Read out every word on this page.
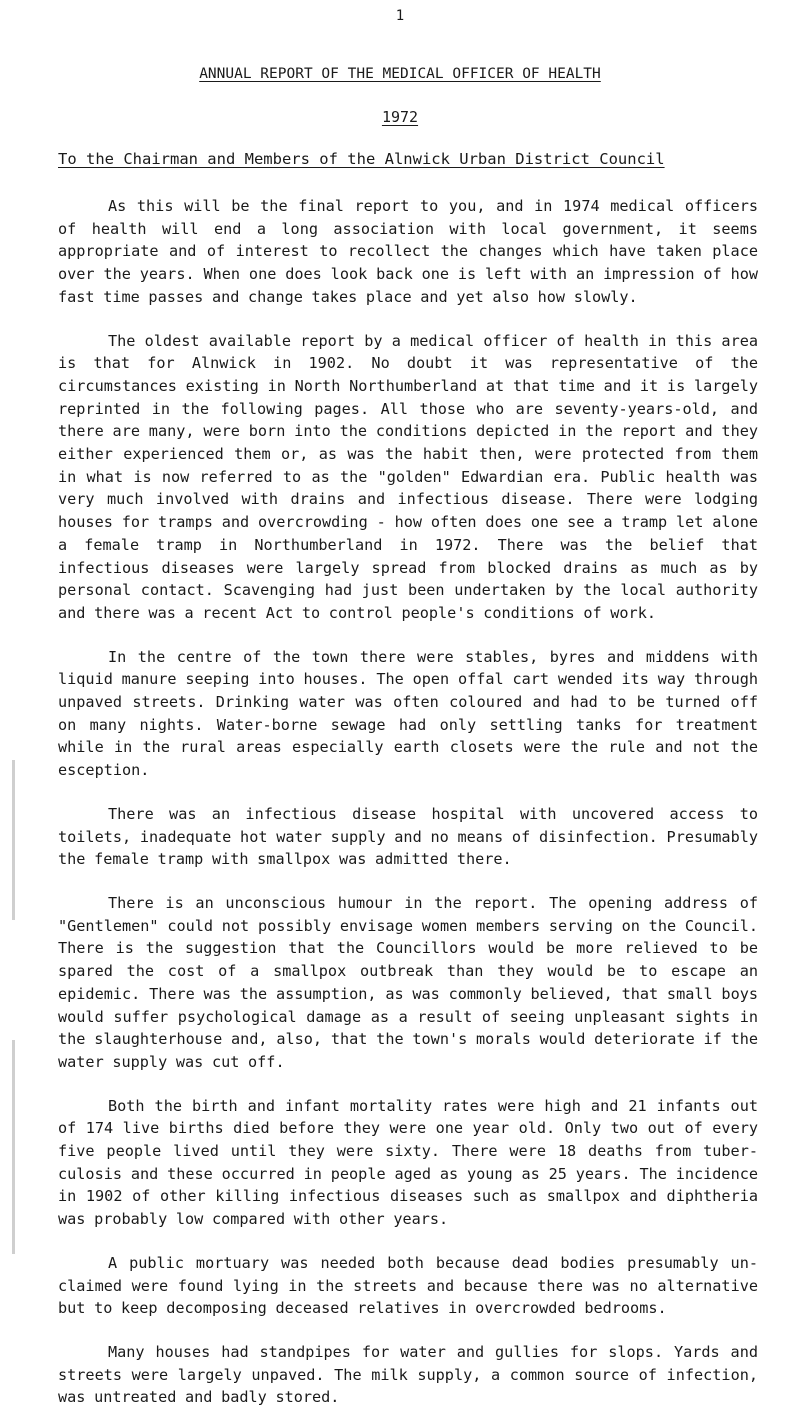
1
ANNUAL REPORT OF THE MEDICAL OFFICER OF HEALTH
1972
To the Chairman and Members of the Alnwick Urban District Council

As this will be the final report to you, and in 1974 medical officers of health will end a long association with local government, it seems appropriate and of interest to recollect the changes which have taken place over the years. When one does look back one is left with an impression of how fast time passes and change takes place and yet also how slowly.

The oldest available report by a medical officer of health in this area is that for Alnwick in 1902. No doubt it was representative of the circumstances existing in North Northumberland at that time and it is largely reprinted in the following pages. All those who are seventy-years-old, and there are many, were born into the conditions depicted in the report and they either experienced them or, as was the habit then, were protected from them in what is now referred to as the "golden" Edwardian era. Public health was very much involved with drains and infectious disease. There were lodging houses for tramps and overcrowding - how often does one see a tramp let alone a female tramp in Northumberland in 1972. There was the belief that infectious diseases were largely spread from blocked drains as much as by personal contact. Scavenging had just been undertaken by the local authority and there was a recent Act to control people's conditions of work.

In the centre of the town there were stables, byres and middens with liquid manure seeping into houses. The open offal cart wended its way through unpaved streets. Drinking water was often coloured and had to be turned off on many nights. Water-borne sewage had only settling tanks for treatment while in the rural areas especially earth closets were the rule and not the esception.

There was an infectious disease hospital with uncovered access to toilets, inadequate hot water supply and no means of disinfection. Presumably the female tramp with smallpox was admitted there.

There is an unconscious humour in the report. The opening address of "Gentlemen" could not possibly envisage women members serving on the Council. There is the suggestion that the Councillors would be more relieved to be spared the cost of a smallpox outbreak than they would be to escape an epidemic. There was the assumption, as was commonly believed, that small boys would suffer psychological damage as a result of seeing unpleasant sights in the slaughterhouse and, also, that the town's morals would deteriorate if the water supply was cut off.

Both the birth and infant mortality rates were high and 21 infants out of 174 live births died before they were one year old. Only two out of every five people lived until they were sixty. There were 18 deaths from tuber-culosis and these occurred in people aged as young as 25 years. The incidence in 1902 of other killing infectious diseases such as smallpox and diphtheria was probably low compared with other years.

A public mortuary was needed both because dead bodies presumably un-claimed were found lying in the streets and because there was no alternative but to keep decomposing deceased relatives in overcrowded bedrooms.

Many houses had standpipes for water and gullies for slops. Yards and streets were largely unpaved. The milk supply, a common source of infection, was untreated and badly stored.
